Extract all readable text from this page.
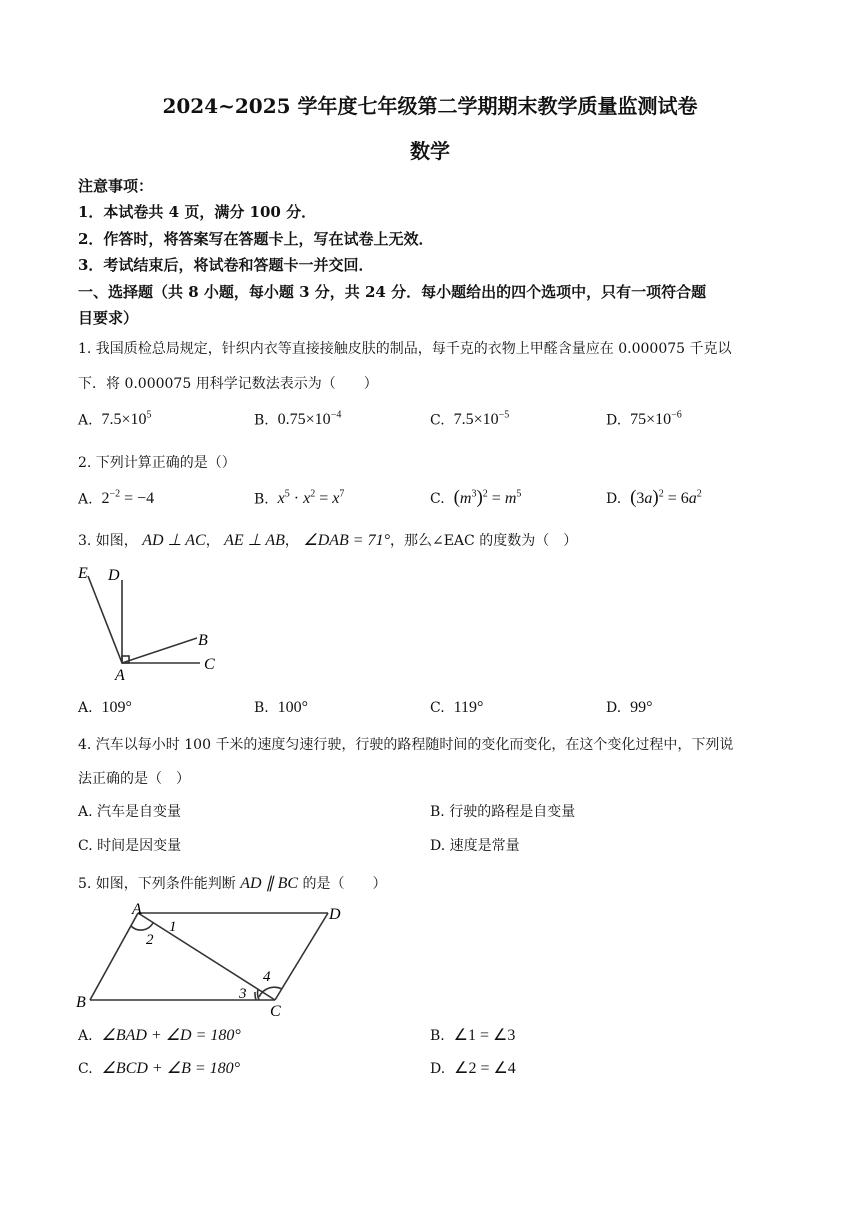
2024~2025 学年度七年级第二学期期末教学质量监测试卷
数学
注意事项：
1．本试卷共 4 页，满分 100 分．
2．作答时，将答案写在答题卡上，写在试卷上无效．
3．考试结束后，将试卷和答题卡一并交回．
一、选择题（共 8 小题，每小题 3 分，共 24 分．每小题给出的四个选项中，只有一项符合题
目要求）
1. 我国质检总局规定，针织内衣等直接接触皮肤的制品，每千克的衣物上甲醛含量应在 0.000075 千克以
下．将 0.000075 用科学记数法表示为（　　）
A. $7.5\times 10^5$	B. $0.75\times 10^{-4}$	C. $7.5\times 10^{-5}$	D. $75\times 10^{-6}$
2. 下列计算正确的是（）
A. $2^{-2} = -4$	B. $x^5 \cdot x^2 = x^7$	C. $(m^3)^2 = m^5$	D. $(3a)^2 = 6a^2$
3. 如图， AD ⊥ AC， AE ⊥ AB， ∠DAB = 71°，那么∠EAC 的度数为（　）
E D
B
A
C
A. 109°	B. 100°	C. 119°	D. 99°
4. 汽车以每小时 100 千米的速度匀速行驶，行驶的路程随时间的变化而变化，在这个变化过程中，下列说
法正确的是（　）
A. 汽车是自变量	B. 行驶的路程是自变量
C. 时间是因变量	D. 速度是常量
5. 如图，下列条件能判断 AD ∥ BC 的是（　　）
A	D
B
C
1
2
3
4
A. ∠BAD + ∠D = 180°	B. ∠1 = ∠3
C. ∠BCD + ∠B = 180°	D. ∠2 = ∠4
